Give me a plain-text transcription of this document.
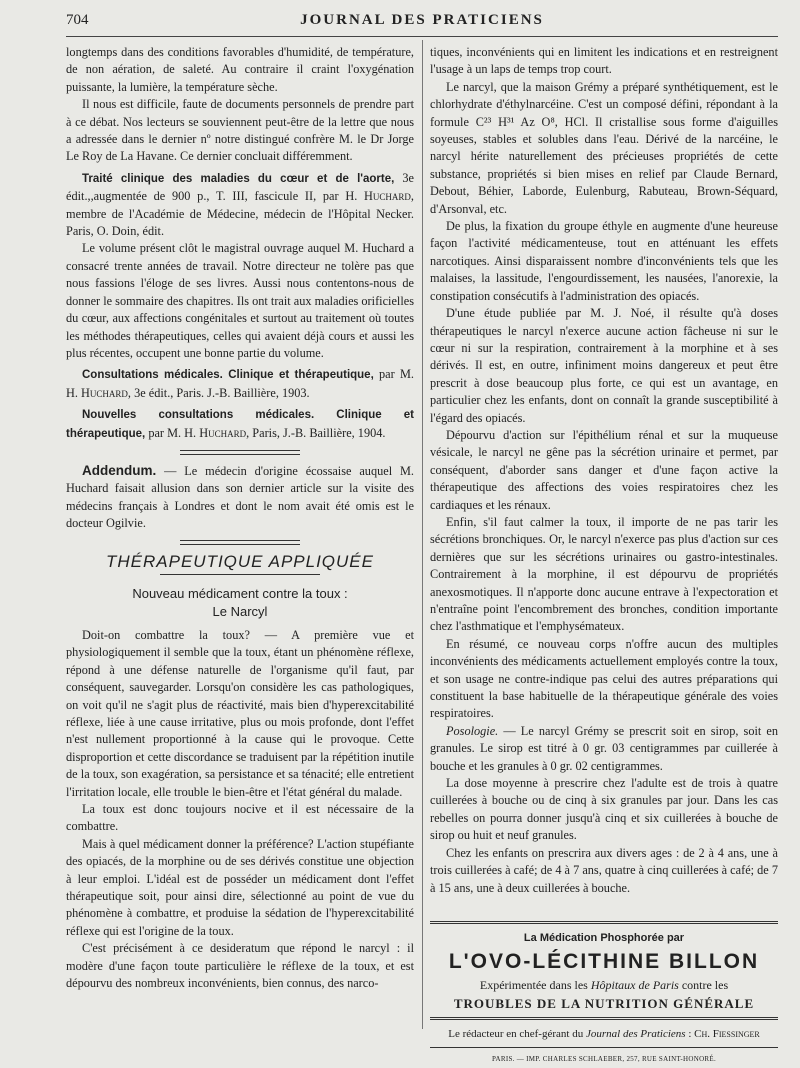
704	JOURNAL DES PRATICIENS

longtemps dans des conditions favorables d'humidité, de température, de non aération, de saleté. Au contraire il craint l'oxygénation puissante, la lumière, la température sèche.

Il nous est difficile, faute de documents personnels de prendre part à ce débat. Nos lecteurs se souviennent peut-être de la lettre que nous a adressée dans le dernier nº notre distingué confrère M. le Dr Jorge Le Roy de La Havane. Ce dernier concluait différemment.

Traité clinique des maladies du cœur et de l'aorte, 3e édit.,,augmentée de 900 p., T. III, fascicule II, par H. Huchard, membre de l'Académie de Médecine, médecin de l'Hôpital Necker. Paris, O. Doin, édit.

Le volume présent clôt le magistral ouvrage auquel M. Huchard a consacré trente années de travail. Notre directeur ne tolère pas que nous fassions l'éloge de ses livres. Aussi nous contentons-nous de donner le sommaire des chapitres. Ils ont trait aux maladies orificielles du cœur, aux affections congénitales et surtout au traitement où toutes les méthodes thérapeutiques, celles qui avaient déjà cours et aussi les plus récentes, occupent une bonne partie du volume.

Consultations médicales. Clinique et thérapeutique, par M. H. Huchard, 3e édit., Paris. J.-B. Baillière, 1903.

Nouvelles consultations médicales. Clinique et thérapeutique, par M. H. Huchard, Paris, J.-B. Baillière, 1904.

Addendum. — Le médecin d'origine écossaise auquel M. Huchard faisait allusion dans son dernier article sur la visite des médecins français à Londres et dont le nom avait été omis est le docteur Ogilvie.

THÉRAPEUTIQUE APPLIQUÉE
Nouveau médicament contre la toux :
Le Narcyl

Doit-on combattre la toux? — A première vue et physiologiquement il semble que la toux, étant un phénomène réflexe, répond à une défense naturelle de l'organisme qu'il faut, par conséquent, sauvegarder. Lorsqu'on considère les cas pathologiques, on voit qu'il ne s'agit plus de réactivité, mais bien d'hyperexcitabilité réflexe, liée à une cause irritative, plus ou mois profonde, dont l'effet n'est nullement proportionné à la cause qui le provoque. Cette disproportion et cette discordance se traduisent par la répétition inutile de la toux, son exagération, sa persistance et sa ténacité; elle entretient l'irritation locale, elle trouble le bien-être et l'état général du malade.

La toux est donc toujours nocive et il est nécessaire de la combattre.

Mais à quel médicament donner la préférence? L'action stupéfiante des opiacés, de la morphine ou de ses dérivés constitue une objection à leur emploi. L'idéal est de posséder un médicament dont l'effet thérapeutique soit, pour ainsi dire, sélectionné au point de vue du phénomène à combattre, et produise la sédation de l'hyperexcitabilité réflexe qui est l'origine de la toux.

C'est précisément à ce desideratum que répond le narcyl : il modère d'une façon toute particulière le réflexe de la toux, et est dépourvu des nombreux inconvénients, bien connus, des narco-

tiques, inconvénients qui en limitent les indications et en restreignent l'usage à un laps de temps trop court.

Le narcyl, que la maison Grémy a préparé synthétiquement, est le chlorhydrate d'éthylnarcéine. C'est un composé défini, répondant à la formule C²³ H³¹ Az O⁸, HCl. Il cristallise sous forme d'aiguilles soyeuses, stables et solubles dans l'eau. Dérivé de la narcéine, le narcyl hérite naturellement des précieuses propriétés de cette substance, propriétés si bien mises en relief par Claude Bernard, Debout, Béhier, Laborde, Eulenburg, Rabuteau, Brown-Séquard, d'Arsonval, etc.

De plus, la fixation du groupe éthyle en augmente d'une heureuse façon l'activité médicamenteuse, tout en atténuant les effets narcotiques. Ainsi disparaissent nombre d'inconvénients tels que les malaises, la lassitude, l'engourdissement, les nausées, l'anorexie, la constipation consécutifs à l'administration des opiacés.

D'une étude publiée par M. J. Noé, il résulte qu'à doses thérapeutiques le narcyl n'exerce aucune action fâcheuse ni sur le cœur ni sur la respiration, contrairement à la morphine et à ses dérivés. Il est, en outre, infiniment moins dangereux et peut être prescrit à dose beaucoup plus forte, ce qui est un avantage, en particulier chez les enfants, dont on connaît la grande susceptibilité à l'égard des opiacés.

Dépourvu d'action sur l'épithélium rénal et sur la muqueuse vésicale, le narcyl ne gêne pas la sécrétion urinaire et permet, par conséquent, d'aborder sans danger et d'une façon active la thérapeutique des affections des voies respiratoires chez les cardiaques et les rénaux.

Enfin, s'il faut calmer la toux, il importe de ne pas tarir les sécrétions bronchiques. Or, le narcyl n'exerce pas plus d'action sur ces dernières que sur les sécrétions urinaires ou gastro-intestinales. Contrairement à la morphine, il est dépourvu de propriétés anexosmotiques. Il n'apporte donc aucune entrave à l'expectoration et n'entraîne point l'encombrement des bronches, condition importante chez l'asthmatique et l'emphysémateux.

En résumé, ce nouveau corps n'offre aucun des multiples inconvénients des médicaments actuellement employés contre la toux, et son usage ne contre-indique pas celui des autres préparations qui constituent la base habituelle de la thérapeutique générale des voies respiratoires.

Posologie. — Le narcyl Grémy se prescrit soit en sirop, soit en granules. Le sirop est titré à 0 gr. 03 centigrammes par cuillerée à bouche et les granules à 0 gr. 02 centigrammes.

La dose moyenne à prescrire chez l'adulte est de trois à quatre cuillerées à bouche ou de cinq à six granules par jour. Dans les cas rebelles on pourra donner jusqu'à cinq et six cuillerées à bouche de sirop ou huit et neuf granules.

Chez les enfants on prescrira aux divers ages : de 2 à 4 ans, une à trois cuillerées à café; de 4 à 7 ans, quatre à cinq cuillerées à café; de 7 à 15 ans, une à deux cuillerées à bouche.

La Médication Phosphorée par
L'OVO-LÉCITHINE BILLON
Expérimentée dans les Hôpitaux de Paris contre les
TROUBLES DE LA NUTRITION GÉNÉRALE
Le rédacteur en chef-gérant du Journal des Praticiens : Ch. Fiessinger
PARIS. — IMP. CHARLES SCHLAEBER, 257, RUE SAINT-HONORÉ.
